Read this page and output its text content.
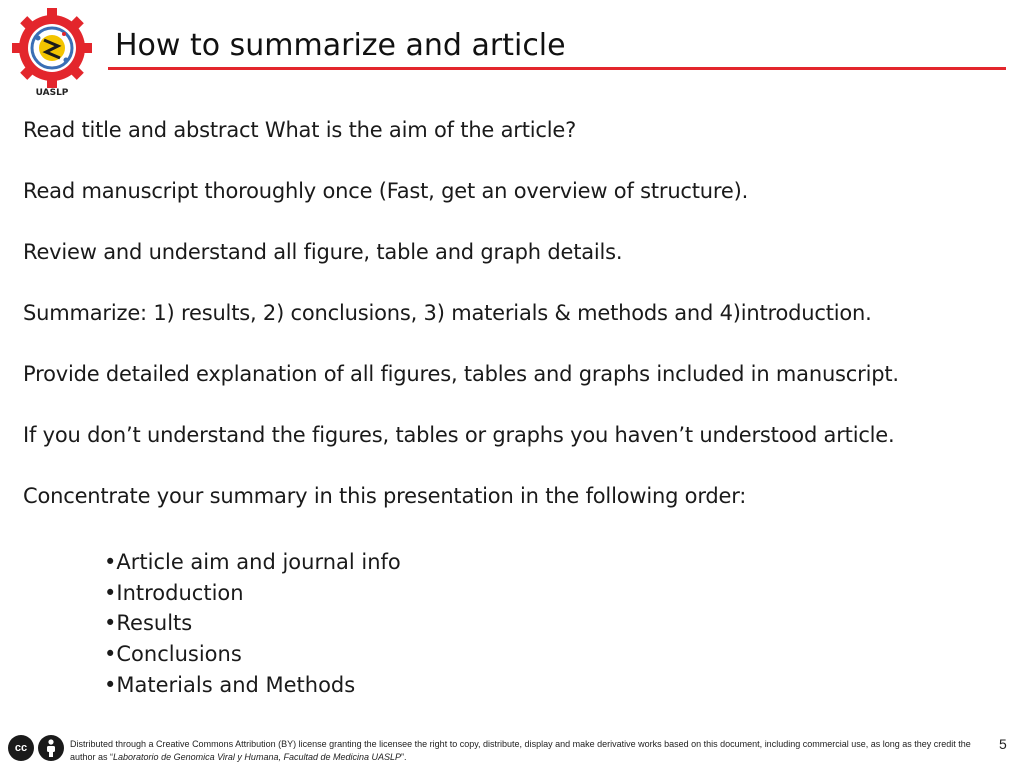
UASLP
How to summarize and article

Read title and abstract What is the aim of the article?

Read manuscript thoroughly once (Fast, get an overview of structure).

Review and understand all figure, table and graph details.

Summarize: 1) results, 2) conclusions, 3) materials & methods and 4)introduction.

Provide detailed explanation of all figures, tables and graphs included in manuscript.

If you don’t understand the figures, tables or graphs you haven’t understood article.

Concentrate your summary in this presentation in the following order:

• Article aim and journal info
• Introduction
• Results
• Conclusions
• Materials and Methods
cc	Distributed through a Creative Commons Attribution (BY) license granting the licensee the right to copy, distribute, display and make derivative works based on this document, including commercial use, as long as they credit the author as “Laboratorio de Genomica Viral y Humana, Facultad de Medicina UASLP”.
5
